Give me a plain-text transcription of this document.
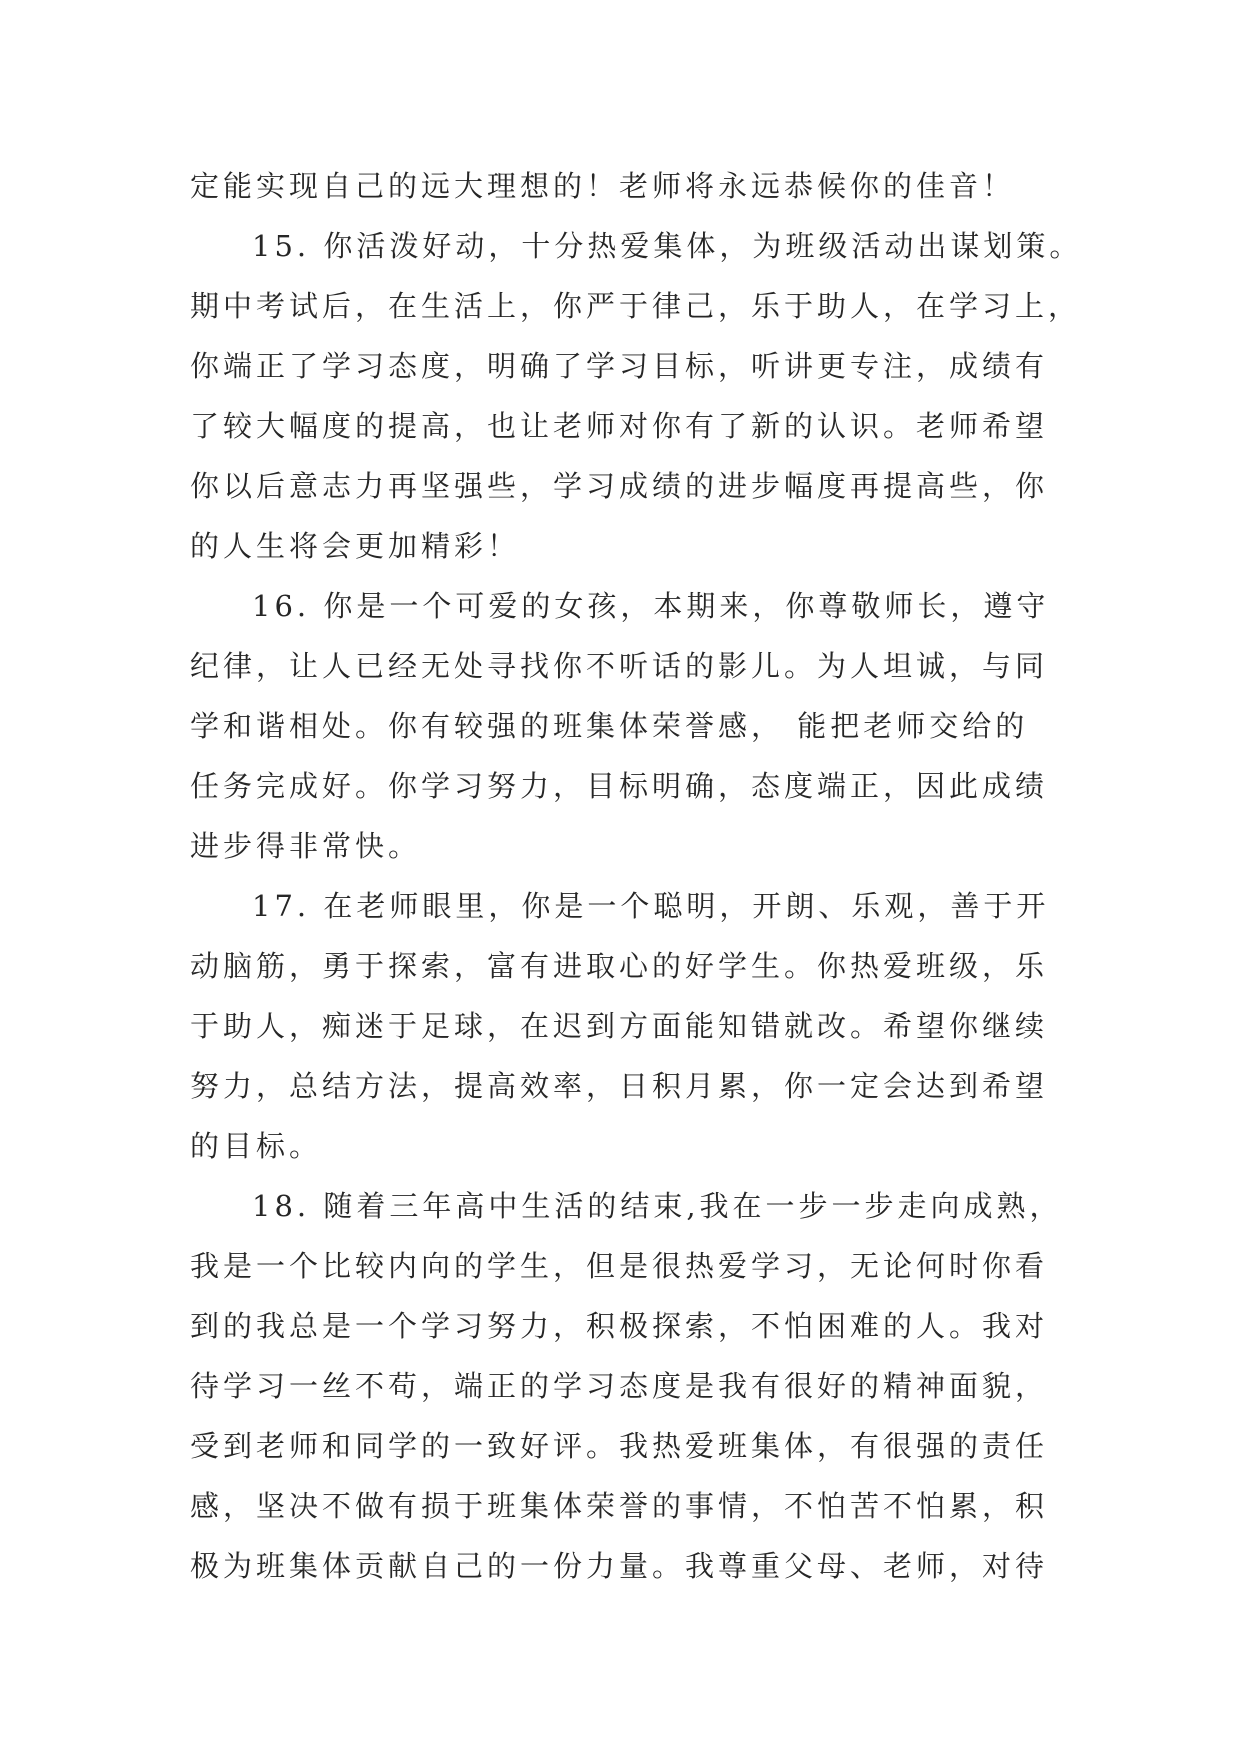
定能实现自己的远大理想的！老师将永远恭候你的佳音！
15. 你活泼好动，十分热爱集体，为班级活动出谋划策。
期中考试后，在生活上，你严于律己，乐于助人，在学习上，
你端正了学习态度，明确了学习目标，听讲更专注，成绩有
了较大幅度的提高，也让老师对你有了新的认识。老师希望
你以后意志力再坚强些，学习成绩的进步幅度再提高些，你
的人生将会更加精彩！
16. 你是一个可爱的女孩，本期来，你尊敬师长，遵守
纪律，让人已经无处寻找你不听话的影儿。为人坦诚，与同
学和谐相处。你有较强的班集体荣誉感， 能把老师交给的
任务完成好。你学习努力，目标明确，态度端正，因此成绩
进步得非常快。
17. 在老师眼里，你是一个聪明，开朗、乐观，善于开
动脑筋，勇于探索，富有进取心的好学生。你热爱班级，乐
于助人，痴迷于足球，在迟到方面能知错就改。希望你继续
努力，总结方法，提高效率，日积月累，你一定会达到希望
的目标。
18. 随着三年高中生活的结束,我在一步一步走向成熟，
我是一个比较内向的学生，但是很热爱学习，无论何时你看
到的我总是一个学习努力，积极探索，不怕困难的人。我对
待学习一丝不苟，端正的学习态度是我有很好的精神面貌，
受到老师和同学的一致好评。我热爱班集体，有很强的责任
感，坚决不做有损于班集体荣誉的事情，不怕苦不怕累，积
极为班集体贡献自己的一份力量。我尊重父母、老师，对待
